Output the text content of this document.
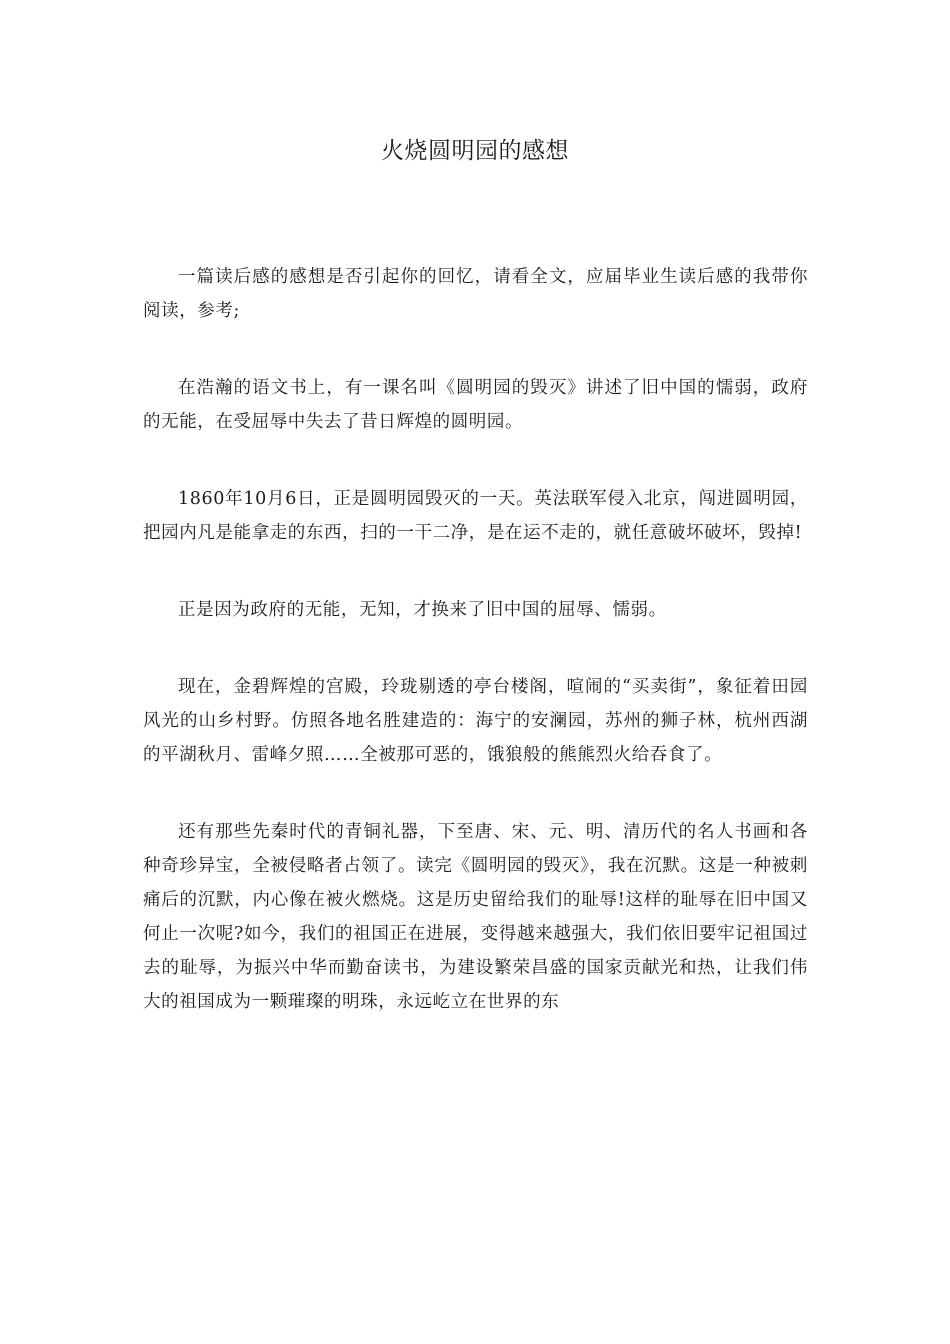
火烧圆明园的感想

一篇读后感的感想是否引起你的回忆，请看全文，应届毕业生读后感的我带你阅读，参考;

在浩瀚的语文书上，有一课名叫《圆明园的毁灭》讲述了旧中国的懦弱，政府的无能，在受屈辱中失去了昔日辉煌的圆明园。

1860年10月6日，正是圆明园毁灭的一天。英法联军侵入北京，闯进圆明园，把园内凡是能拿走的东西，扫的一干二净，是在运不走的，就任意破坏破坏，毁掉!

正是因为政府的无能，无知，才换来了旧中国的屈辱、懦弱。

现在，金碧辉煌的宫殿，玲珑剔透的亭台楼阁，喧闹的“买卖街”，象征着田园风光的山乡村野。仿照各地名胜建造的：海宁的安澜园，苏州的狮子林，杭州西湖的平湖秋月、雷峰夕照……全被那可恶的，饿狼般的熊熊烈火给吞食了。

还有那些先秦时代的青铜礼器，下至唐、宋、元、明、清历代的名人书画和各种奇珍异宝，全被侵略者占领了。读完《圆明园的毁灭》，我在沉默。这是一种被刺痛后的沉默，内心像在被火燃烧。这是历史留给我们的耻辱!这样的耻辱在旧中国又何止一次呢?如今，我们的祖国正在进展，变得越来越强大，我们依旧要牢记祖国过去的耻辱，为振兴中华而勤奋读书，为建设繁荣昌盛的国家贡献光和热，让我们伟大的祖国成为一颗璀璨的明珠，永远屹立在世界的东
